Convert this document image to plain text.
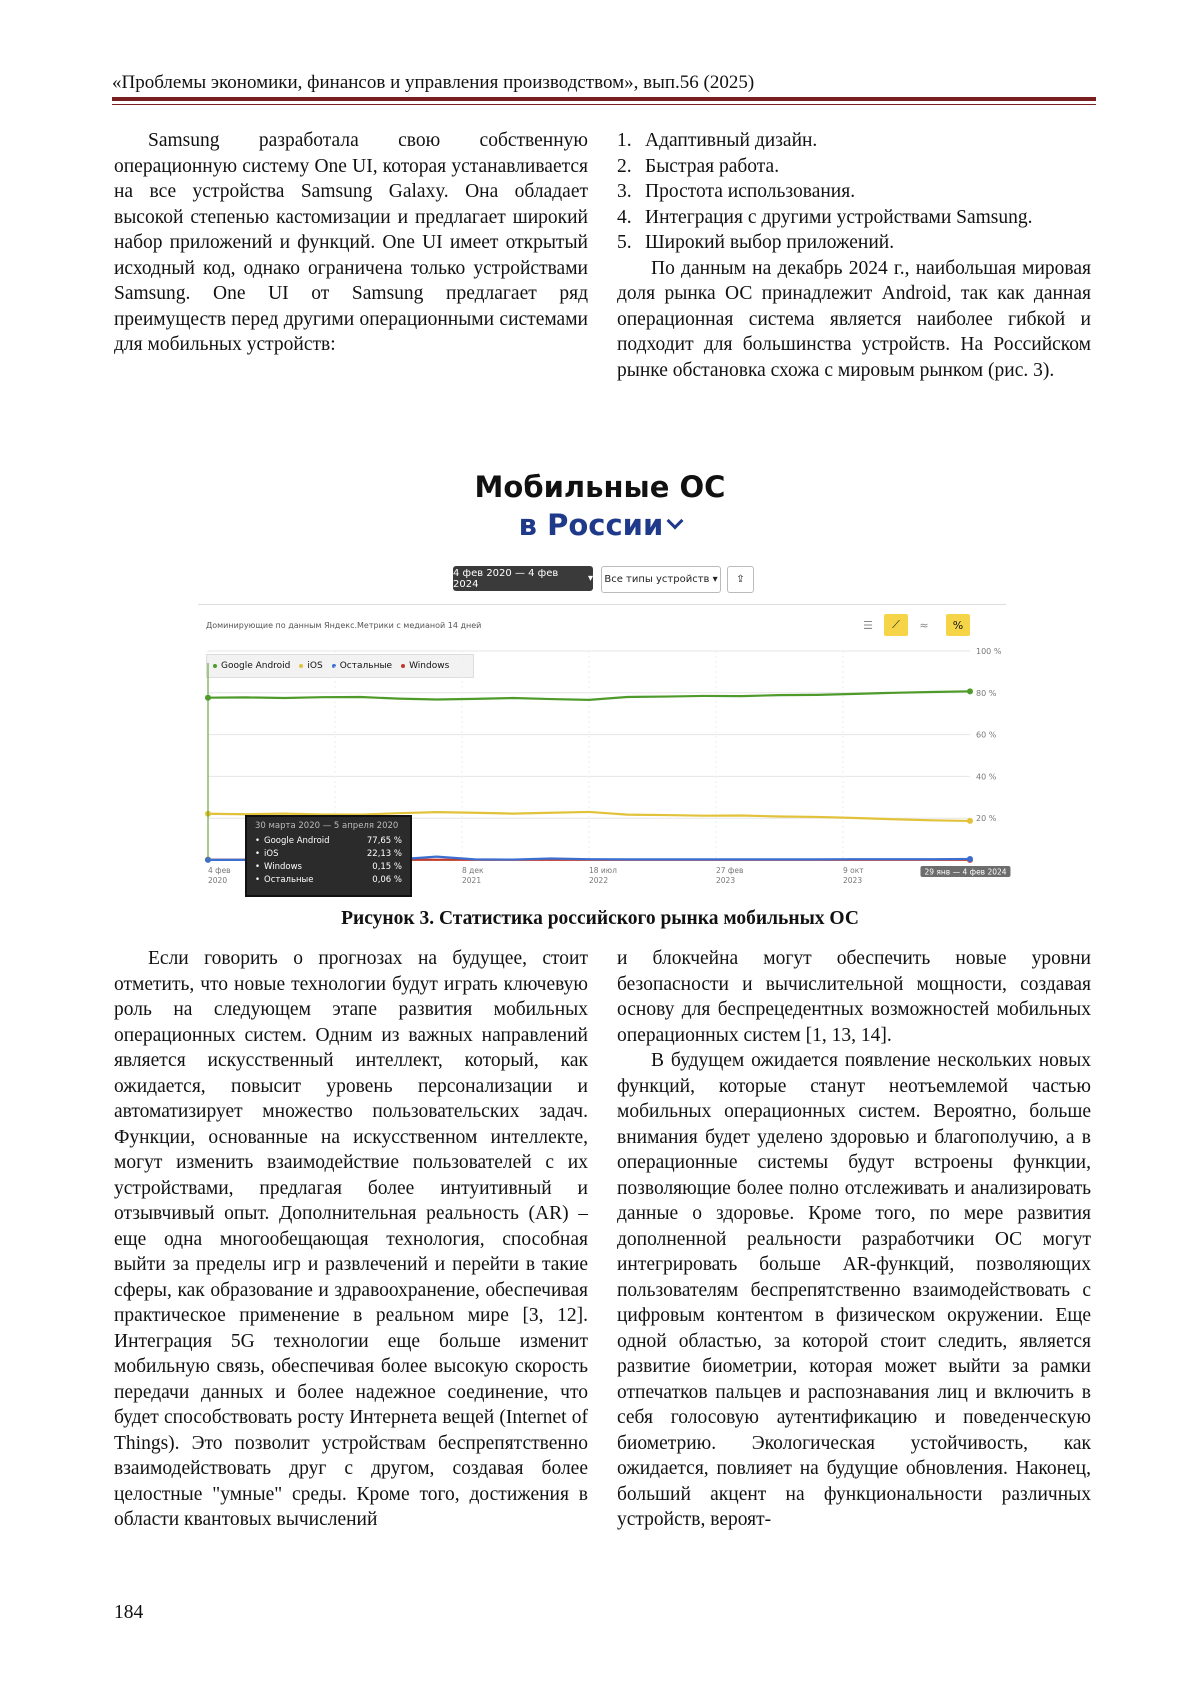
«Проблемы экономики, финансов и управления производством», вып.56 (2025)

Samsung разработала свою собственную операционную систему One UI, которая устанавливается на все устройства Samsung Galaxy. Она обладает высокой степенью кастомизации и предлагает широкий набор приложений и функций. One UI имеет открытый исходный код, однако ограничена только устройствами Samsung. One UI от Samsung предлагает ряд преимуществ перед другими операционными системами для мобильных устройств:

1. Адаптивный дизайн.
2. Быстрая работа.
3. Простота использования.
4. Интеграция с другими устройствами Samsung.
5. Широкий выбор приложений.

По данным на декабрь 2024 г., наибольшая мировая доля рынка ОС принадлежит Android, так как данная операционная система является наиболее гибкой и подходит для большинства устройств. На Российском рынке обстановка схожа с мировым рынком (рис. 3).

Мобильные ОС
в России
4 фев 2020 — 4 фев 2024	▾ Все типы устройств ▾	⇪
Доминирующие по данным Яндекс.Метрики с медианой 14 дней	☰	⟋	≈	%
Google Android	iOS	Остальные	Windows
100 %
80 %
60 %
40 %
20 %
4 фев
2020
8 дек
2021
18 июл
2022
27 фев
2023
9 окт
2023
29 янв — 4 фев 2024
30 марта 2020 — 5 апреля 2020
• Google Android	77,65 %
• iOS	22,13 %
• Windows	0,15 %
• Остальные	0,06 %
Рисунок 3. Статистика российского рынка мобильных ОС

Если говорить о прогнозах на будущее, стоит отметить, что новые технологии будут играть ключевую роль на следующем этапе развития мобильных операционных систем. Одним из важных направлений является искусственный интеллект, который, как ожидается, повысит уровень персонализации и автоматизирует множество пользовательских задач. Функции, основанные на искусственном интеллекте, могут изменить взаимодействие пользователей с их устройствами, предлагая более интуитивный и отзывчивый опыт. Дополнительная реальность (AR) – еще одна многообещающая технология, способная выйти за пределы игр и развлечений и перейти в такие сферы, как образование и здравоохранение, обеспечивая практическое применение в реальном мире [3, 12]. Интеграция 5G технологии еще больше изменит мобильную связь, обеспечивая более высокую скорость передачи данных и более надежное соединение, что будет способствовать росту Интернета вещей (Internet of Things). Это позволит устройствам беспрепятственно взаимодействовать друг с другом, создавая более целостные "умные" среды. Кроме того, достижения в области квантовых вычислений

и блокчейна могут обеспечить новые уровни безопасности и вычислительной мощности, создавая основу для беспрецедентных возможностей мобильных операционных систем [1, 13, 14].

В будущем ожидается появление нескольких новых функций, которые станут неотъемлемой частью мобильных операционных систем. Вероятно, больше внимания будет уделено здоровью и благополучию, а в операционные системы будут встроены функции, позволяющие более полно отслеживать и анализировать данные о здоровье. Кроме того, по мере развития дополненной реальности разработчики ОС могут интегрировать больше AR-функций, позволяющих пользователям беспрепятственно взаимодействовать с цифровым контентом в физическом окружении. Еще одной областью, за которой стоит следить, является развитие биометрии, которая может выйти за рамки отпечатков пальцев и распознавания лиц и включить в себя голосовую аутентификацию и поведенческую биометрию. Экологическая устойчивость, как ожидается, повлияет на будущие обновления. Наконец, больший акцент на функциональности различных устройств, вероят-

184
